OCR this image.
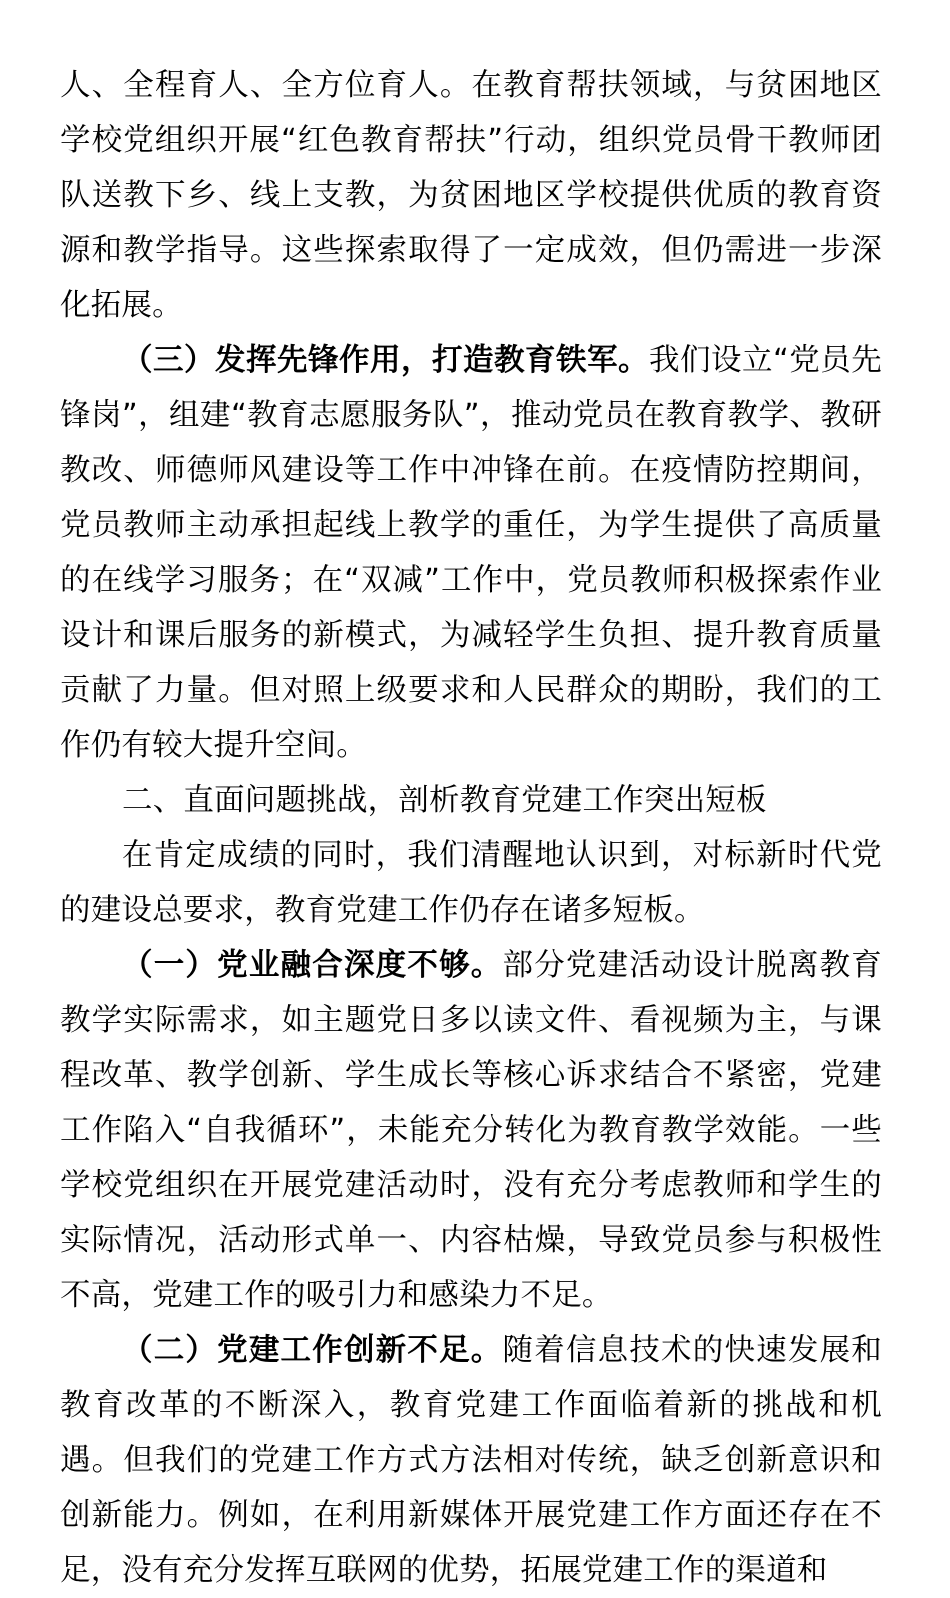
人、全程育人、全方位育人。在教育帮扶领域，与贫困地区学校党组织开展“红色教育帮扶”行动，组织党员骨干教师团队送教下乡、线上支教，为贫困地区学校提供优质的教育资源和教学指导。这些探索取得了一定成效，但仍需进一步深化拓展。

（三）发挥先锋作用，打造教育铁军。我们设立“党员先锋岗”，组建“教育志愿服务队”，推动党员在教育教学、教研教改、师德师风建设等工作中冲锋在前。在疫情防控期间，党员教师主动承担起线上教学的重任，为学生提供了高质量的在线学习服务；在“双减”工作中，党员教师积极探索作业设计和课后服务的新模式，为减轻学生负担、提升教育质量贡献了力量。但对照上级要求和人民群众的期盼，我们的工作仍有较大提升空间。

二、直面问题挑战，剖析教育党建工作突出短板

在肯定成绩的同时，我们清醒地认识到，对标新时代党的建设总要求，教育党建工作仍存在诸多短板。

（一）党业融合深度不够。部分党建活动设计脱离教育教学实际需求，如主题党日多以读文件、看视频为主，与课程改革、教学创新、学生成长等核心诉求结合不紧密，党建工作陷入“自我循环”，未能充分转化为教育教学效能。一些学校党组织在开展党建活动时，没有充分考虑教师和学生的实际情况，活动形式单一、内容枯燥，导致党员参与积极性不高，党建工作的吸引力和感染力不足。

（二）党建工作创新不足。随着信息技术的快速发展和教育改革的不断深入，教育党建工作面临着新的挑战和机遇。但我们的党建工作方式方法相对传统，缺乏创新意识和创新能力。例如，在利用新媒体开展党建工作方面还存在不足，没有充分发挥互联网的优势，拓展党建工作的渠道和
